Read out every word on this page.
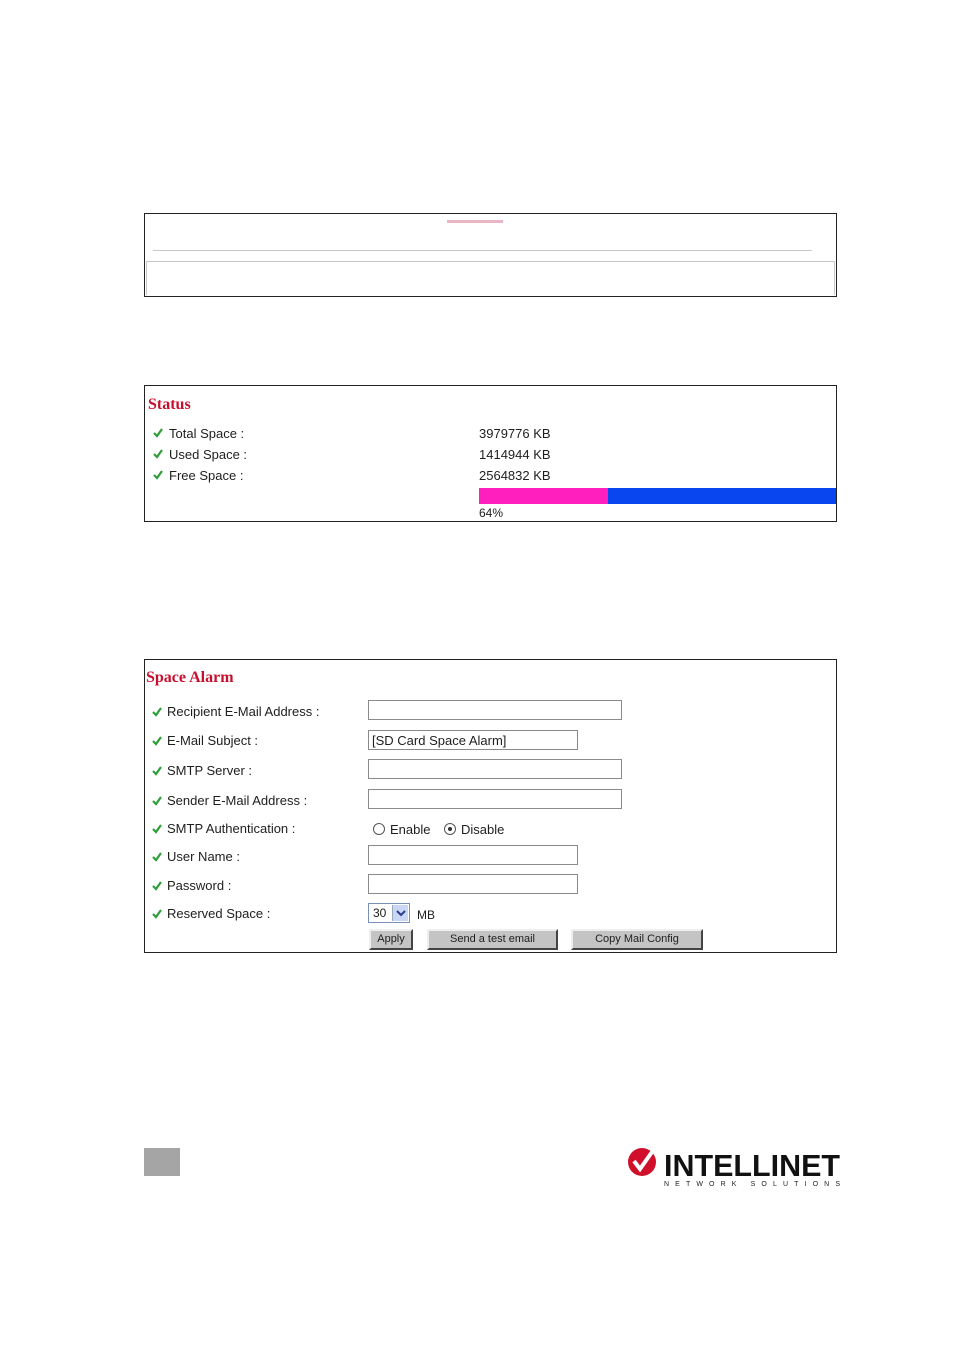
Status
Total Space :	3979776 KB
Used Space :	1414944 KB
Free Space :	2564832 KB
64%
Space Alarm
Recipient E-Mail Address :
E-Mail Subject :
[SD Card Space Alarm]
SMTP Server :
Sender E-Mail Address :
SMTP Authentication :	Enable Disable
User Name :
Password :
Reserved Space :	30	MB
Apply	Send a test email	Copy Mail Config
INTELLINET
NETWORK SOLUTIONS
